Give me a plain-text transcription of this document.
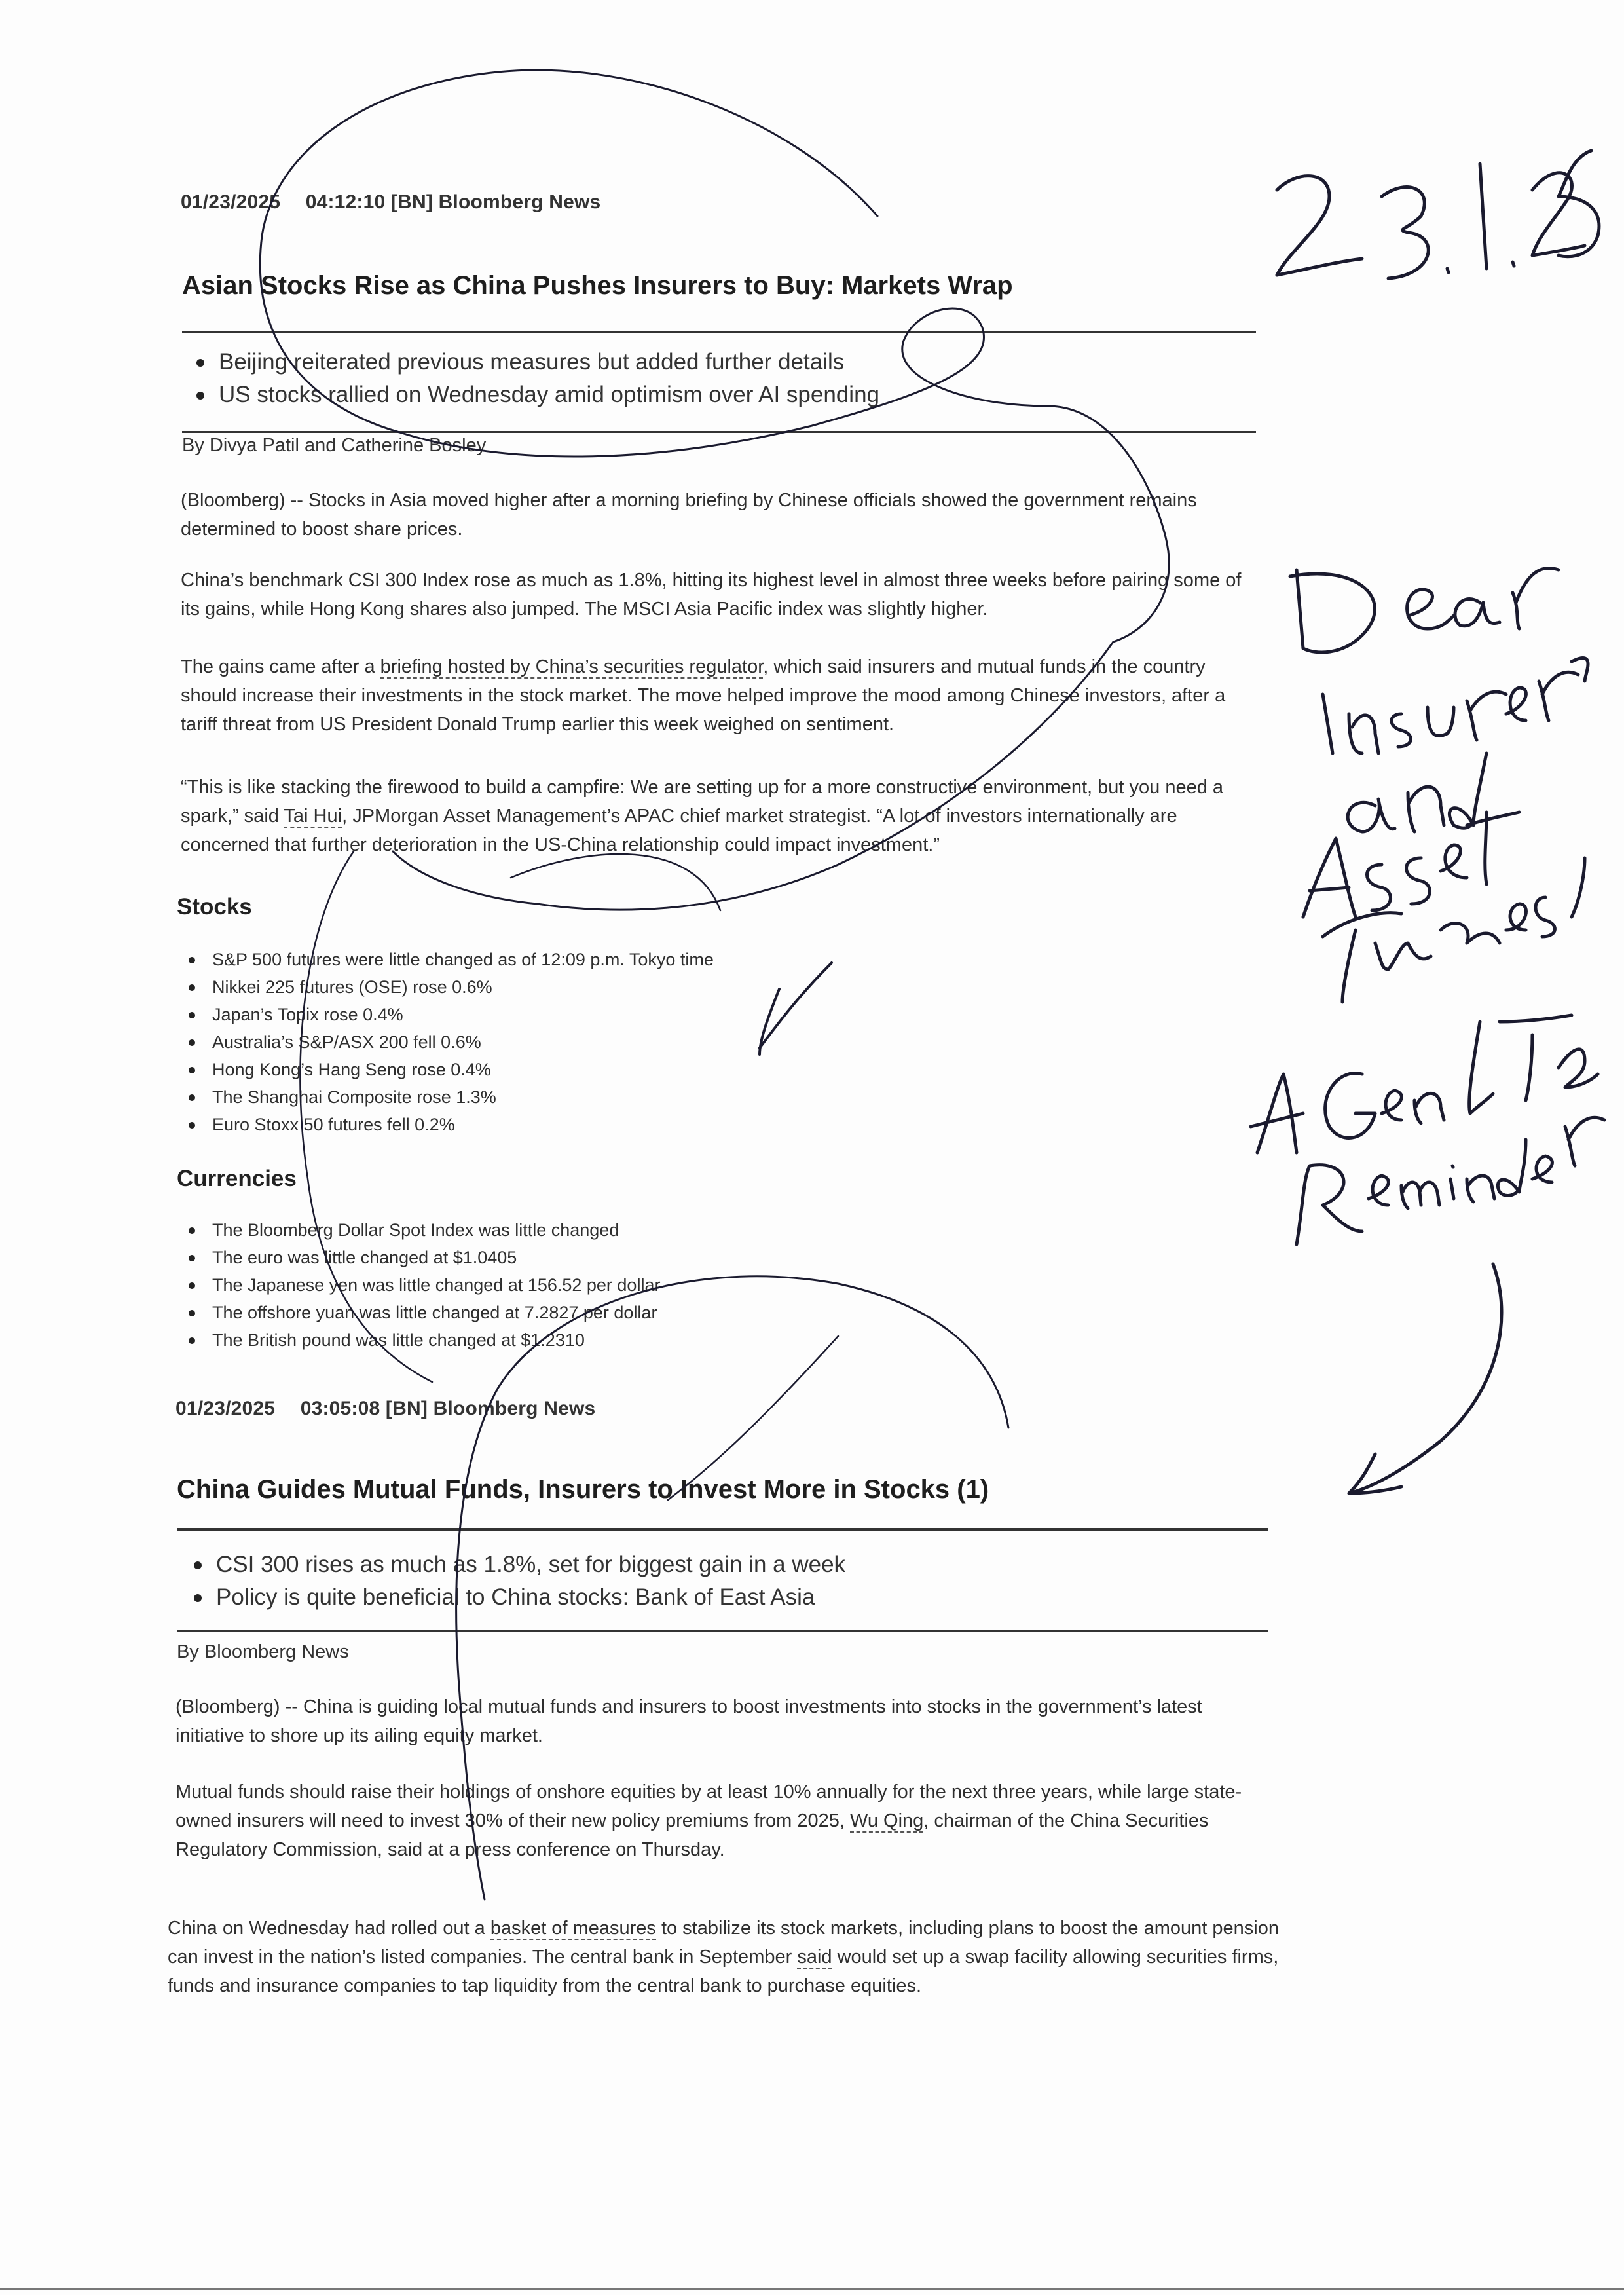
01/23/2025 04:12:10 [BN] Bloomberg News
Asian Stocks Rise as China Pushes Insurers to Buy: Markets Wrap
Beijing reiterated previous measures but added further details
US stocks rallied on Wednesday amid optimism over AI spending
By Divya Patil and Catherine Bosley
(Bloomberg) -- Stocks in Asia moved higher after a morning briefing by Chinese officials showed the government remains determined to boost share prices.
China’s benchmark CSI 300 Index rose as much as 1.8%, hitting its highest level in almost three weeks before pairing some of its gains, while Hong Kong shares also jumped. The MSCI Asia Pacific index was slightly higher.
The gains came after a briefing hosted by China’s securities regulator, which said insurers and mutual funds in the country should increase their investments in the stock market. The move helped improve the mood among Chinese investors, after a tariff threat from US President Donald Trump earlier this week weighed on sentiment.
“This is like stacking the firewood to build a campfire: We are setting up for a more constructive environment, but you need a spark,” said Tai Hui, JPMorgan Asset Management’s APAC chief market strategist. “A lot of investors internationally are concerned that further deterioration in the US-China relationship could impact investment.”
Stocks
S&P 500 futures were little changed as of 12:09 p.m. Tokyo time
Nikkei 225 futures (OSE) rose 0.6%
Japan’s Topix rose 0.4%
Australia’s S&P/ASX 200 fell 0.6%
Hong Kong’s Hang Seng rose 0.4%
The Shanghai Composite rose 1.3%
Euro Stoxx 50 futures fell 0.2%
Currencies
The Bloomberg Dollar Spot Index was little changed
The euro was little changed at $1.0405
The Japanese yen was little changed at 156.52 per dollar
The offshore yuan was little changed at 7.2827 per dollar
The British pound was little changed at $1.2310
01/23/2025 03:05:08 [BN] Bloomberg News
China Guides Mutual Funds, Insurers to Invest More in Stocks (1)
CSI 300 rises as much as 1.8%, set for biggest gain in a week
Policy is quite beneficial to China stocks: Bank of East Asia
By Bloomberg News
(Bloomberg) -- China is guiding local mutual funds and insurers to boost investments into stocks in the government’s latest initiative to shore up its ailing equity market.
Mutual funds should raise their holdings of onshore equities by at least 10% annually for the next three years, while large state-owned insurers will need to invest 30% of their new policy premiums from 2025, Wu Qing, chairman of the China Securities Regulatory Commission, said at a press conference on Thursday.
China on Wednesday had rolled out a basket of measures to stabilize its stock markets, including plans to boost the amount pension can invest in the nation’s listed companies. The central bank in September said would set up a swap facility allowing securities firms, funds and insurance companies to tap liquidity from the central bank to purchase equities.
